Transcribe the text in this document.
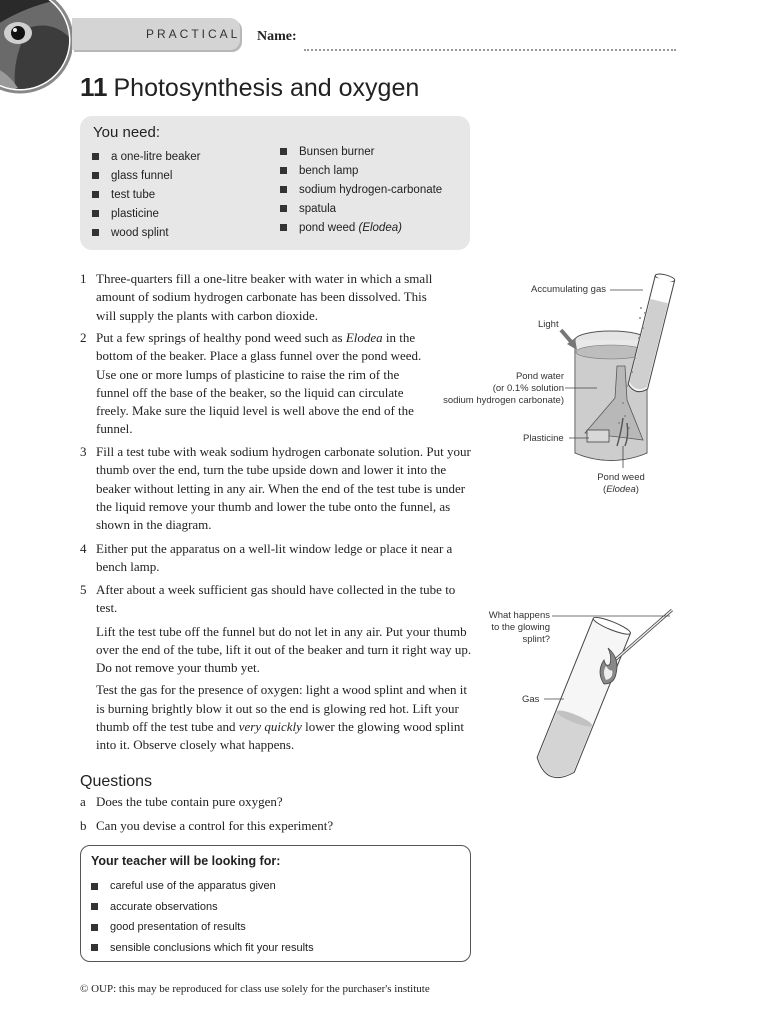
PRACTICAL Name:
11 Photosynthesis and oxygen
You need:
a one-litre beaker
glass funnel
test tube
plasticine
wood splint
Bunsen burner
bench lamp
sodium hydrogen-carbonate
spatula
pond weed
(Elodea)
1 Three-quarters fill a one-litre beaker with water in which a small amount of sodium hydrogen carbonate has been dissolved. This will supply the plants with carbon dioxide.

2 Put a few springs of healthy pond weed such as Elodea in the bottom of the beaker. Place a glass funnel over the pond weed. Use one or more lumps of plasticine to raise the rim of the funnel off the base of the beaker, so the liquid can circulate freely. Make sure the liquid level is well above the end of the funnel.

3 Fill a test tube with weak sodium hydrogen carbonate solution. Put your thumb over the end, turn the tube upside down and lower it into the beaker without letting in any air. When the end of the test tube is under the liquid remove your thumb and lower the tube onto the funnel, as shown in the diagram.

4 Either put the apparatus on a well-lit window ledge or place it near a bench lamp.

5 After about a week sufficient gas should have collected in the tube to test.

Lift the test tube off the funnel but do not let in any air. Put your thumb over the end of the tube, lift it out of the beaker and turn it right way up. Do not remove your thumb yet.

Test the gas for the presence of oxygen: light a wood splint and when it is burning brightly blow it out so the end is glowing red hot. Lift your thumb off the test tube and very quickly lower the glowing wood splint into it. Observe closely what happens.

Questions
a Does the tube contain pure oxygen?
b Can you devise a control for this experiment?
Your teacher will be looking for:
careful use of the apparatus given
accurate observations
good presentation of results
sensible conclusions which fit your results
© OUP: this may be reproduced for class use solely for the purchaser's institute
Accumulating gas
Light
Pond water
(or 0.1% solution
sodium hydrogen carbonate)
Plasticine
Pond weed
(Elodea)
What happens
to the glowing
splint?
Gas
